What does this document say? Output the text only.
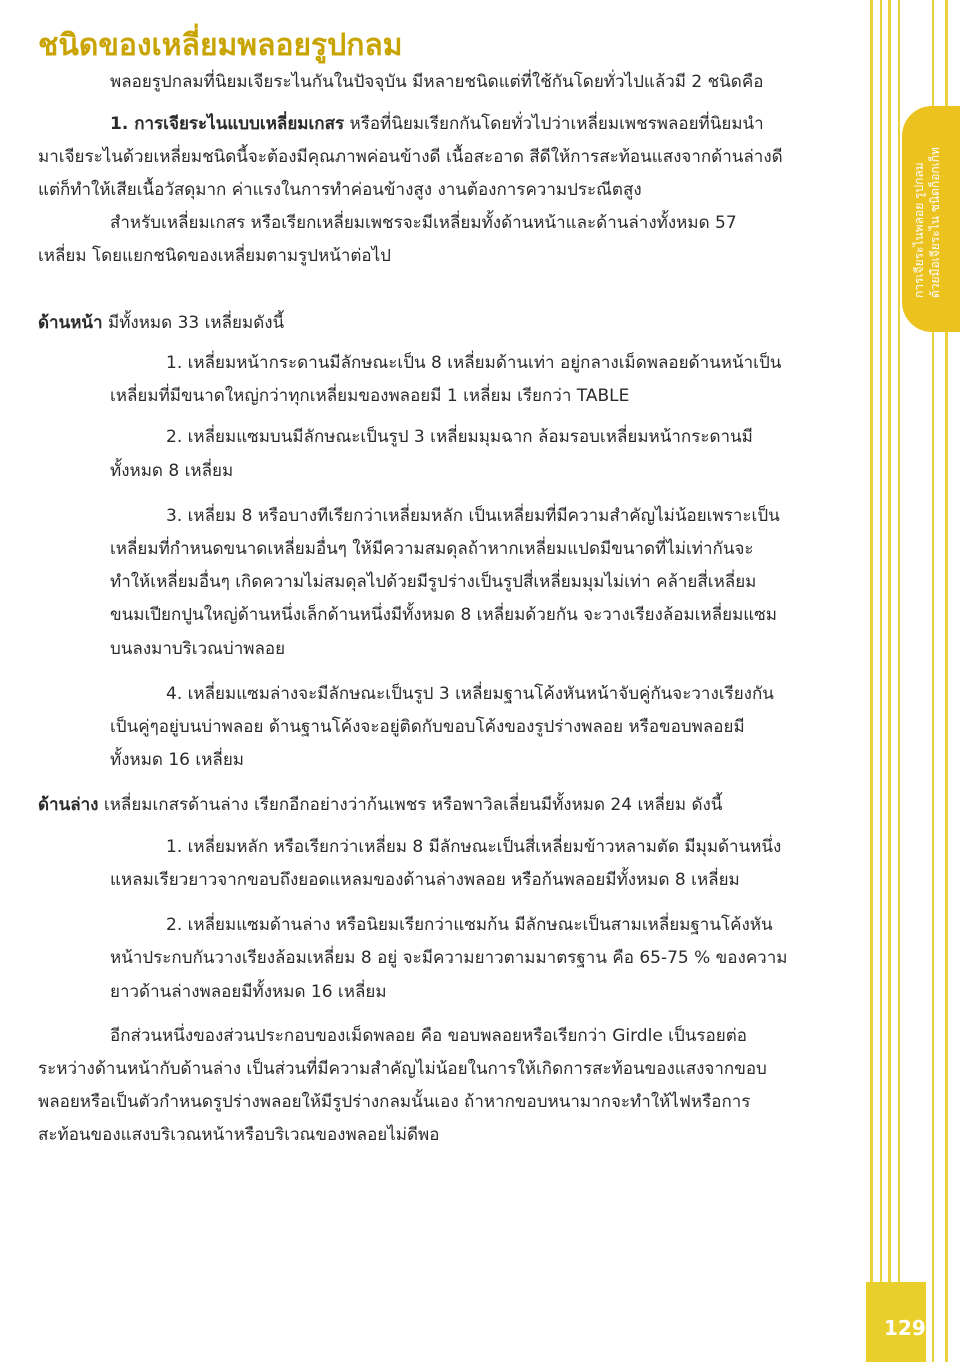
การเจียระไนพลอย รูปกลม ด้วยมือเจียระไน ชนิดก็อกเก็ท
129
ชนิดของเหลี่ยมพลอยรูปกลม
พลอยรูปกลมที่นิยมเจียระไนกันในปัจจุบัน มีหลายชนิดแต่ที่ใช้กันโดยทั่วไปแล้วมี 2 ชนิดคือ
1. การเจียระไนแบบเหลี่ยมเกสร หรือที่นิยมเรียกกันโดยทั่วไปว่าเหลี่ยมเพชรพลอยที่นิยมนำ
มาเจียระไนด้วยเหลี่ยมชนิดนี้จะต้องมีคุณภาพค่อนข้างดี เนื้อสะอาด สีดีให้การสะท้อนแสงจากด้านล่างดี
แต่ก็ทำให้เสียเนื้อวัสดุมาก ค่าแรงในการทำค่อนข้างสูง งานต้องการความประณีตสูง
สำหรับเหลี่ยมเกสร หรือเรียกเหลี่ยมเพชรจะมีเหลี่ยมทั้งด้านหน้าและด้านล่างทั้งหมด 57
เหลี่ยม โดยแยกชนิดของเหลี่ยมตามรูปหน้าต่อไป
ด้านหน้า มีทั้งหมด 33 เหลี่ยมดังนี้
1. เหลี่ยมหน้ากระดานมีลักษณะเป็น 8 เหลี่ยมด้านเท่า อยู่กลางเม็ดพลอยด้านหน้าเป็น
เหลี่ยมที่มีขนาดใหญ่กว่าทุกเหลี่ยมของพลอยมี 1 เหลี่ยม เรียกว่า TABLE
2. เหลี่ยมแซมบนมีลักษณะเป็นรูป 3 เหลี่ยมมุมฉาก ล้อมรอบเหลี่ยมหน้ากระดานมี
ทั้งหมด 8 เหลี่ยม
3. เหลี่ยม 8 หรือบางทีเรียกว่าเหลี่ยมหลัก เป็นเหลี่ยมที่มีความสำคัญไม่น้อยเพราะเป็น
เหลี่ยมที่กำหนดขนาดเหลี่ยมอื่นๆ ให้มีความสมดุลถ้าหากเหลี่ยมแปดมีขนาดที่ไม่เท่ากันจะ
ทำให้เหลี่ยมอื่นๆ เกิดความไม่สมดุลไปด้วยมีรูปร่างเป็นรูปสี่เหลี่ยมมุมไม่เท่า คล้ายสี่เหลี่ยม
ขนมเปียกปูนใหญ่ด้านหนึ่งเล็กด้านหนึ่งมีทั้งหมด 8 เหลี่ยมด้วยกัน จะวางเรียงล้อมเหลี่ยมแซม
บนลงมาบริเวณบ่าพลอย
4. เหลี่ยมแซมล่างจะมีลักษณะเป็นรูป 3 เหลี่ยมฐานโค้งหันหน้าจับคู่กันจะวางเรียงกัน
เป็นคู่ๆอยู่บนบ่าพลอย ด้านฐานโค้งจะอยู่ติดกับขอบโค้งของรูปร่างพลอย หรือขอบพลอยมี
ทั้งหมด 16 เหลี่ยม
ด้านล่าง เหลี่ยมเกสรด้านล่าง เรียกอีกอย่างว่าก้นเพชร หรือพาวิลเลี่ยนมีทั้งหมด 24 เหลี่ยม ดังนี้
1. เหลี่ยมหลัก หรือเรียกว่าเหลี่ยม 8 มีลักษณะเป็นสี่เหลี่ยมข้าวหลามตัด มีมุมด้านหนึ่ง
แหลมเรียวยาวจากขอบถึงยอดแหลมของด้านล่างพลอย หรือก้นพลอยมีทั้งหมด 8 เหลี่ยม
2. เหลี่ยมแซมด้านล่าง หรือนิยมเรียกว่าแซมก้น มีลักษณะเป็นสามเหลี่ยมฐานโค้งหัน
หน้าประกบกันวางเรียงล้อมเหลี่ยม 8 อยู่ จะมีความยาวตามมาตรฐาน คือ 65-75 % ของความ
ยาวด้านล่างพลอยมีทั้งหมด 16 เหลี่ยม
อีกส่วนหนึ่งของส่วนประกอบของเม็ดพลอย คือ ขอบพลอยหรือเรียกว่า Girdle เป็นรอยต่อ
ระหว่างด้านหน้ากับด้านล่าง เป็นส่วนที่มีความสำคัญไม่น้อยในการให้เกิดการสะท้อนของแสงจากขอบ
พลอยหรือเป็นตัวกำหนดรูปร่างพลอยให้มีรูปร่างกลมนั้นเอง ถ้าหากขอบหนามากจะทำให้ไฟหรือการ
สะท้อนของแสงบริเวณหน้าหรือบริเวณของพลอยไม่ดีพอ
